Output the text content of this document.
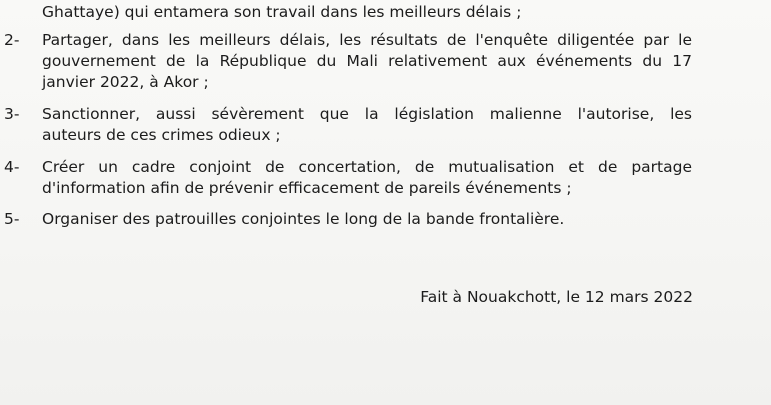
Ghattaye) qui entamera son travail dans les meilleurs délais ;
2- Partager, dans les meilleurs délais, les résultats de l'enquête diligentée par le
gouvernement de la République du Mali relativement aux événements du 17
janvier 2022, à Akor ;
3- Sanctionner, aussi sévèrement que la législation malienne l'autorise, les
auteurs de ces crimes odieux ;
4- Créer un cadre conjoint de concertation, de mutualisation et de partage
d'information afin de prévenir efficacement de pareils événements ;
5- Organiser des patrouilles conjointes le long de la bande frontalière.
Fait à Nouakchott, le 12 mars 2022
